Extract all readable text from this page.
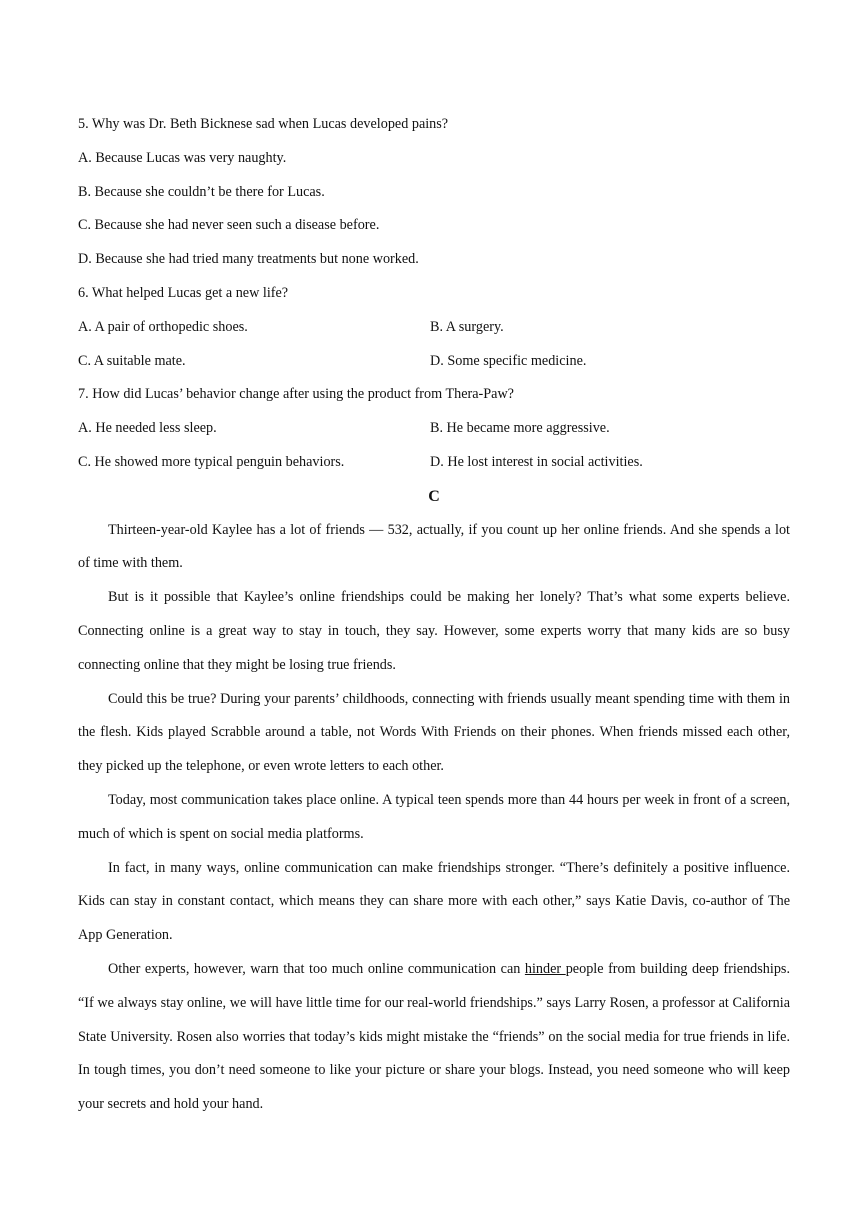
5. Why was Dr. Beth Bicknese sad when Lucas developed pains?
A. Because Lucas was very naughty.
B. Because she couldn’t be there for Lucas.
C. Because she had never seen such a disease before.
D. Because she had tried many treatments but none worked.
6. What helped Lucas get a new life?
A. A pair of orthopedic shoes.	B. A surgery.
C. A suitable mate.	D. Some specific medicine.
7. How did Lucas’ behavior change after using the product from Thera-Paw?
A. He needed less sleep.	B. He became more aggressive.
C. He showed more typical penguin behaviors.	D. He lost interest in social activities.
C

Thirteen-year-old Kaylee has a lot of friends — 532, actually, if you count up her online friends. And she spends a lot of time with them.

But is it possible that Kaylee’s online friendships could be making her lonely? That’s what some experts believe. Connecting online is a great way to stay in touch, they say. However, some experts worry that many kids are so busy connecting online that they might be losing true friends.

Could this be true? During your parents’ childhoods, connecting with friends usually meant spending time with them in the flesh. Kids played Scrabble around a table, not Words With Friends on their phones. When friends missed each other, they picked up the telephone, or even wrote letters to each other.

Today, most communication takes place online. A typical teen spends more than 44 hours per week in front of a screen, much of which is spent on social media platforms.

In fact, in many ways, online communication can make friendships stronger. “There’s definitely a positive influence. Kids can stay in constant contact, which means they can share more with each other,” says Katie Davis, co-author of The App Generation.

Other experts, however, warn that too much online communication can hinder people from building deep friendships. “If we always stay online, we will have little time for our real-world friendships.” says Larry Rosen, a professor at California State University. Rosen also worries that today’s kids might mistake the “friends” on the social media for true friends in life. In tough times, you don’t need someone to like your picture or share your blogs. Instead, you need someone who will keep your secrets and hold your hand.
